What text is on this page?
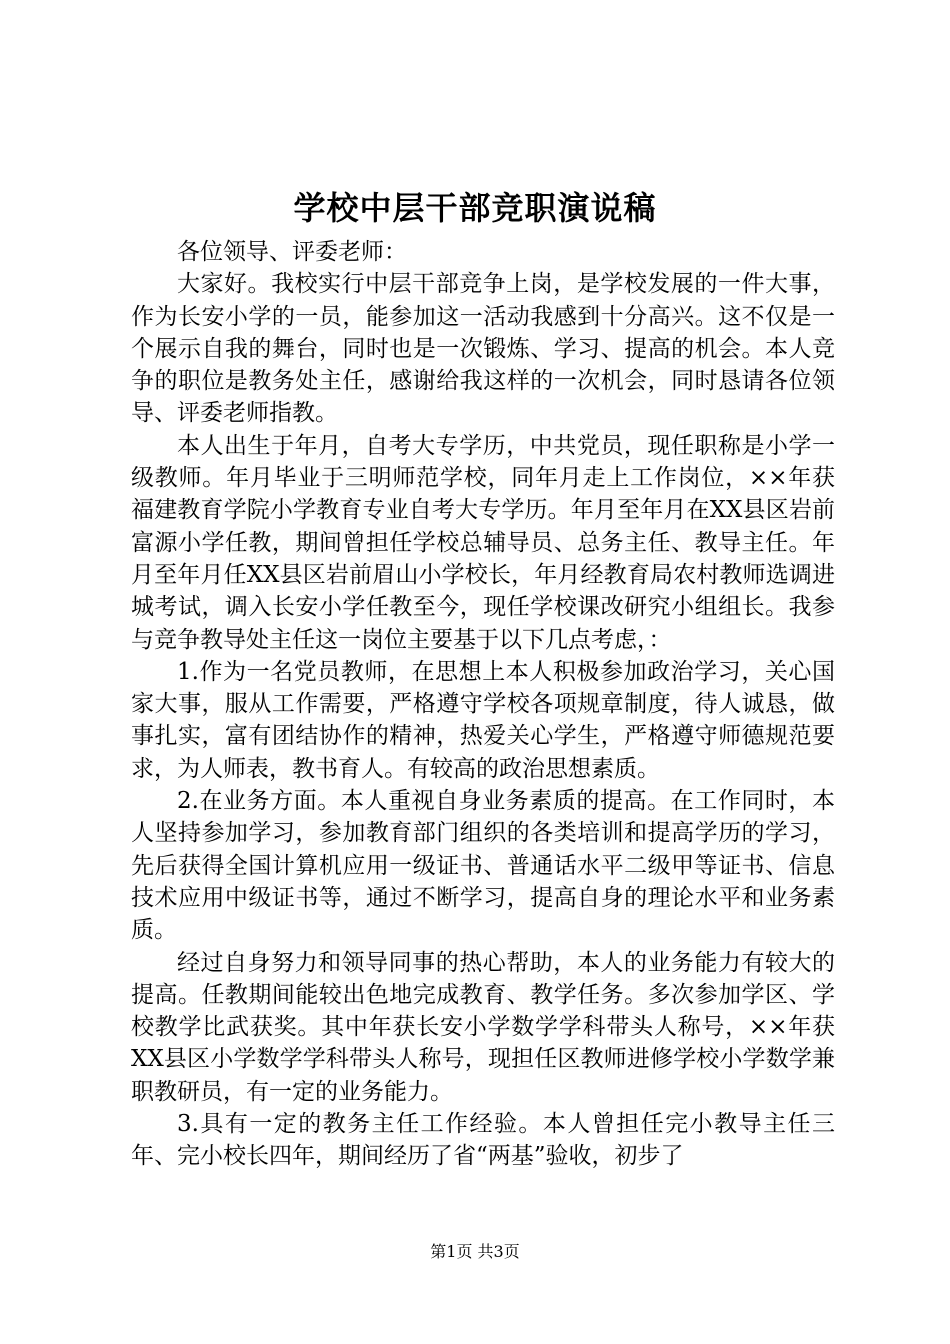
学校中层干部竞职演说稿

各位领导、评委老师：

大家好。我校实行中层干部竞争上岗，是学校发展的一件大事，作为长安小学的一员，能参加这一活动我感到十分高兴。这不仅是一个展示自我的舞台，同时也是一次锻炼、学习、提高的机会。本人竞争的职位是教务处主任，感谢给我这样的一次机会，同时恳请各位领导、评委老师指教。

本人出生于年月，自考大专学历，中共党员，现任职称是小学一级教师。年月毕业于三明师范学校，同年月走上工作岗位，××年获福建教育学院小学教育专业自考大专学历。年月至年月在XX县区岩前富源小学任教，期间曾担任学校总辅导员、总务主任、教导主任。年月至年月任XX县区岩前眉山小学校长，年月经教育局农村教师选调进城考试，调入长安小学任教至今，现任学校课改研究小组组长。我参与竞争教导处主任这一岗位主要基于以下几点考虑，：

1.作为一名党员教师，在思想上本人积极参加政治学习，关心国家大事，服从工作需要，严格遵守学校各项规章制度，待人诚恳，做事扎实，富有团结协作的精神，热爱关心学生，严格遵守师德规范要求，为人师表，教书育人。有较高的政治思想素质。

2.在业务方面。本人重视自身业务素质的提高。在工作同时，本人坚持参加学习，参加教育部门组织的各类培训和提高学历的学习，先后获得全国计算机应用一级证书、普通话水平二级甲等证书、信息技术应用中级证书等，通过不断学习，提高自身的理论水平和业务素质。

经过自身努力和领导同事的热心帮助，本人的业务能力有较大的提高。任教期间能较出色地完成教育、教学任务。多次参加学区、学校教学比武获奖。其中年获长安小学数学学科带头人称号，××年获XX县区小学数学学科带头人称号，现担任区教师进修学校小学数学兼职教研员，有一定的业务能力。

3.具有一定的教务主任工作经验。本人曾担任完小教导主任三年、完小校长四年，期间经历了省“两基”验收，初步了

第1页 共3页
